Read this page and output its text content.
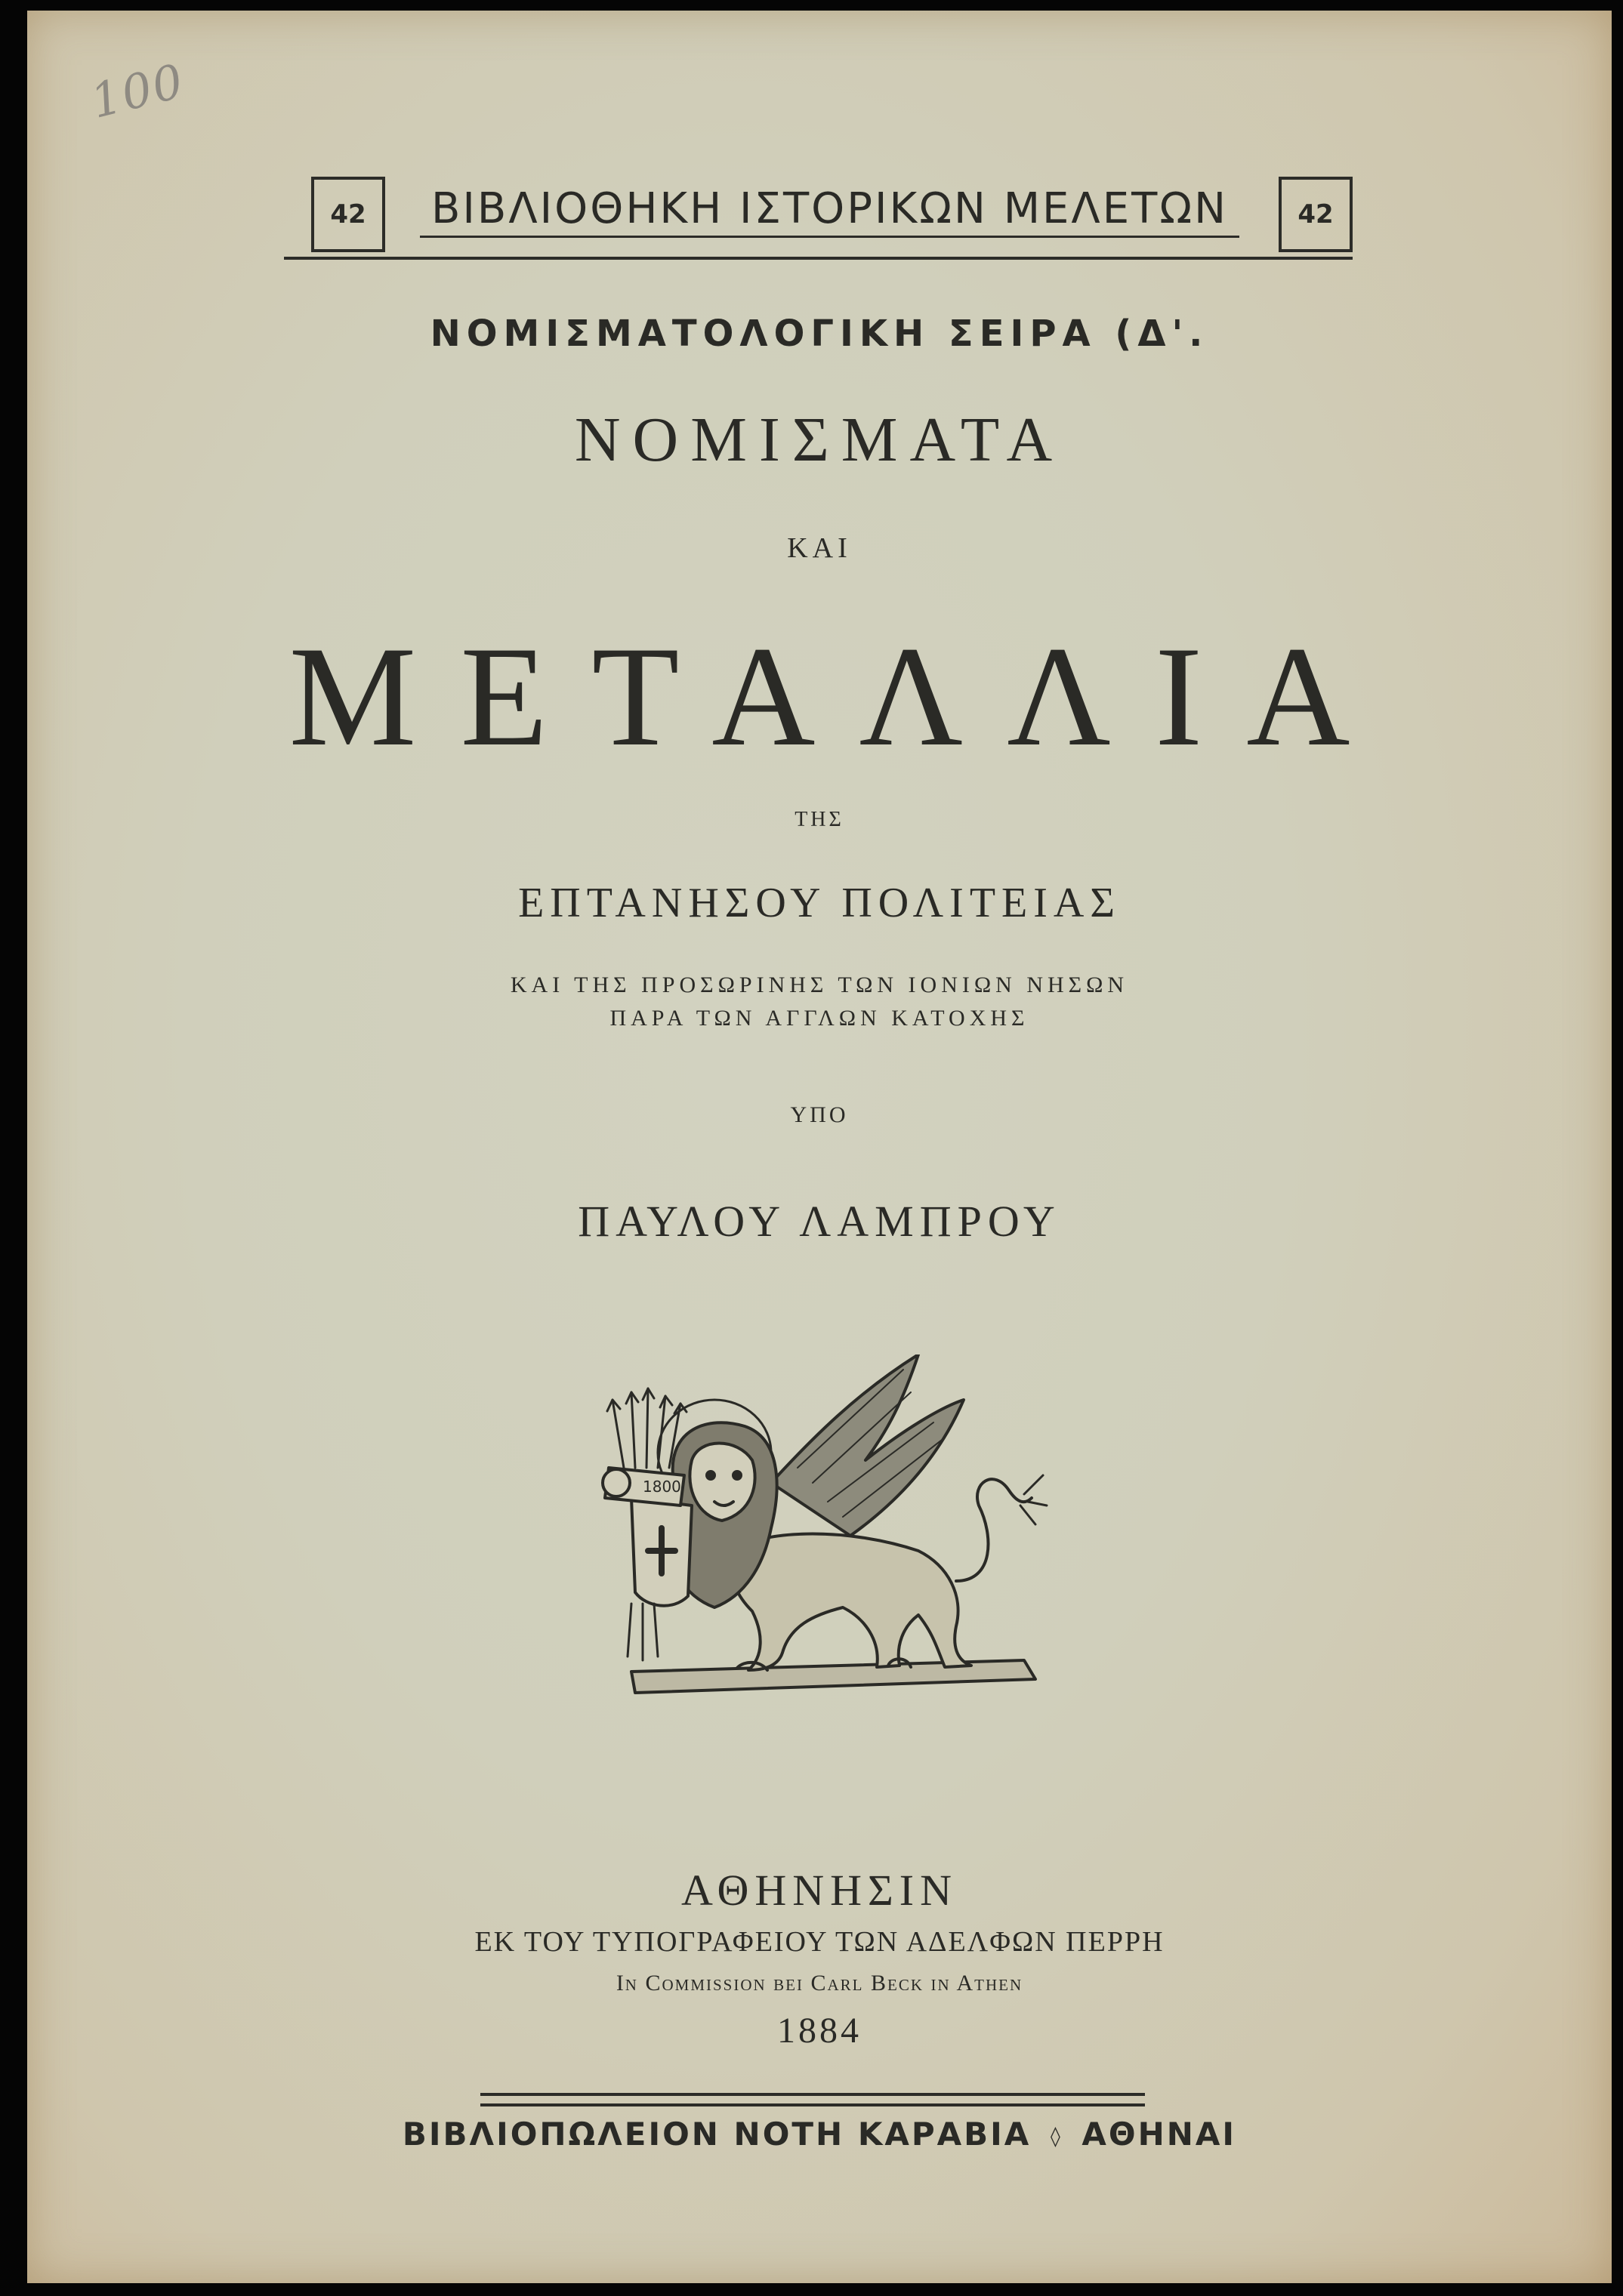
100
42	ΒΙΒΛΙΟΘΗΚΗ ΙΣΤΟΡΙΚΩΝ ΜΕΛΕΤΩΝ	42
ΝΟΜΙΣΜΑΤΟΛΟΓΙΚΗ ΣΕΙΡΑ (Δ'.
ΝΟΜΙΣΜΑΤΑ
ΚΑΙ
ΜΕΤΑΛΛΙΑ
ΤΗΣ
ΕΠΤΑΝΗΣΟΥ ΠΟΛΙΤΕΙΑΣ
ΚΑΙ ΤΗΣ ΠΡΟΣΩΡΙΝΗΣ ΤΩΝ ΙΟΝΙΩΝ ΝΗΣΩΝ
ΠΑΡΑ ΤΩΝ ΑΓΓΛΩΝ ΚΑΤΟΧΗΣ
ΥΠΟ
ΠΑΥΛΟΥ ΛΑΜΠΡΟΥ
1800
ΑΘΗΝΗΣΙΝ
ΕΚ ΤΟΥ ΤΥΠΟΓΡΑΦΕΙΟΥ ΤΩΝ ΑΔΕΛΦΩΝ ΠΕΡΡΗ
In Commission bei Carl Beck in Athen
1884
ΒΙΒΛΙΟΠΩΛΕΙΟΝ ΝΟΤΗ ΚΑΡΑΒΙΑ ◊ ΑΘΗΝΑΙ
